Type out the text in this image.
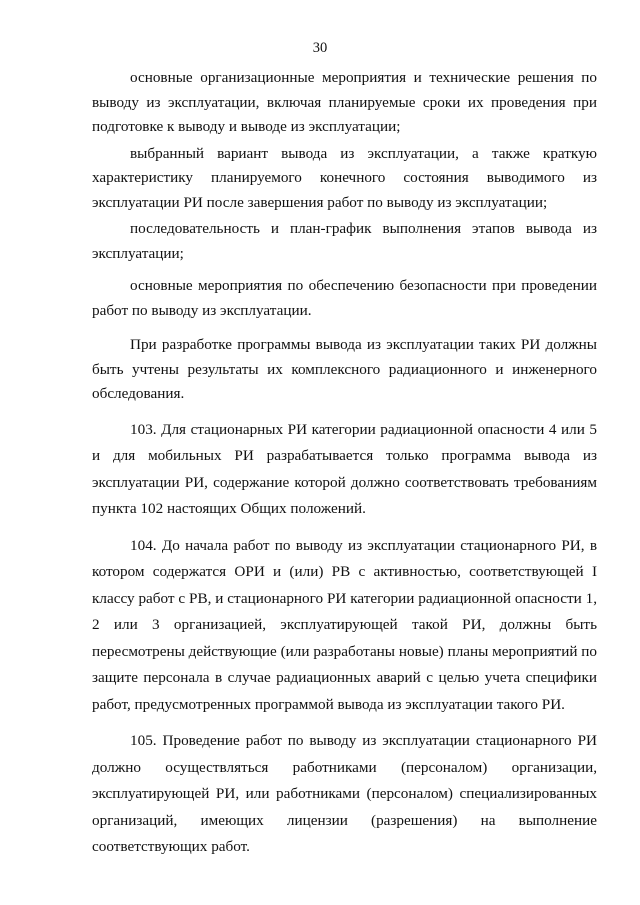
30

основные организационные мероприятия и технические решения по выводу из эксплуатации, включая планируемые сроки их проведения при подготовке к выводу и выводе из эксплуатации;

выбранный вариант вывода из эксплуатации, а также краткую характеристику планируемого конечного состояния выводимого из эксплуатации РИ после завершения работ по выводу из эксплуатации;

последовательность и план-график выполнения этапов вывода из эксплуатации;

основные мероприятия по обеспечению безопасности при проведении работ по выводу из эксплуатации.

При разработке программы вывода из эксплуатации таких РИ должны быть учтены результаты их комплексного радиационного и инженерного обследования.

103. Для стационарных РИ категории радиационной опасности 4 или 5 и для мобильных РИ разрабатывается только программа вывода из эксплуатации РИ, содержание которой должно соответствовать требованиям пункта 102 настоящих Общих положений.

104. До начала работ по выводу из эксплуатации стационарного РИ, в котором содержатся ОРИ и (или) РВ с активностью, соответствующей I классу работ с РВ, и стационарного РИ категории радиационной опасности 1, 2 или 3 организацией, эксплуатирующей такой РИ, должны быть пересмотрены действующие (или разработаны новые) планы мероприятий по защите персонала в случае радиационных аварий с целью учета специфики работ, предусмотренных программой вывода из эксплуатации такого РИ.

105. Проведение работ по выводу из эксплуатации стационарного РИ должно осуществляться работниками (персоналом) организации, эксплуатирующей РИ, или работниками (персоналом) специализированных организаций, имеющих лицензии (разрешения) на выполнение соответствующих работ.
